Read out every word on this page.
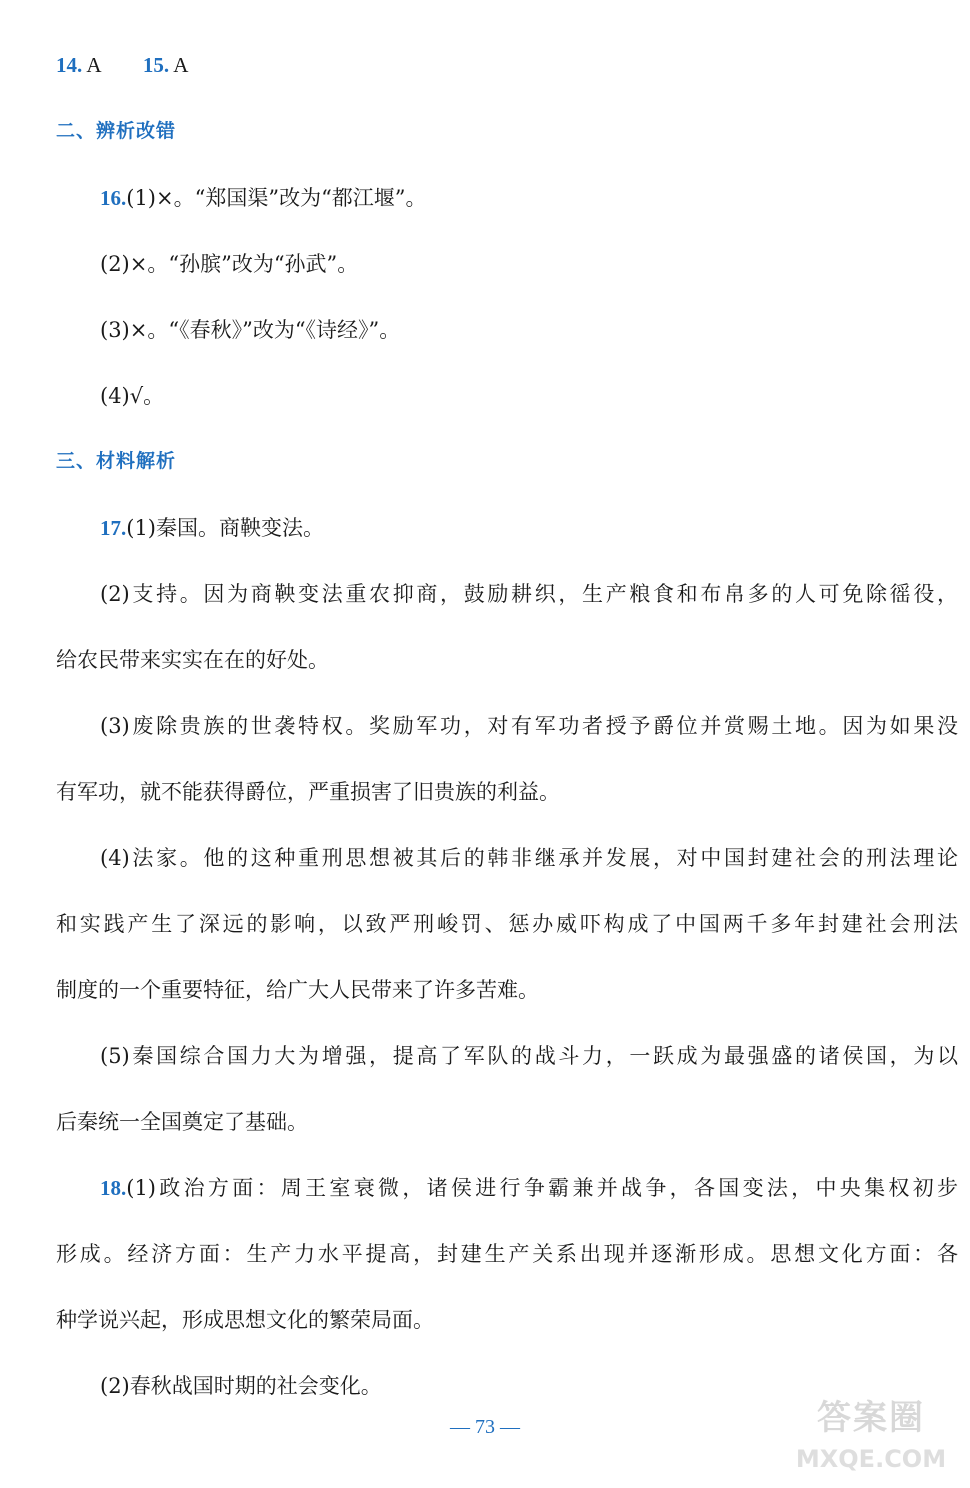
14. A 15. A
二、辨析改错
16.(1)×。“郑国渠”改为“都江堰”。
(2)×。“孙膑”改为“孙武”。
(3)×。“《春秋》”改为“《诗经》”。
(4)√。
三、材料解析
17.(1)秦国。商鞅变法。
(2)支持。因为商鞅变法重农抑商，鼓励耕织，生产粮食和布帛多的人可免除徭役，
给农民带来实实在在的好处。
(3)废除贵族的世袭特权。奖励军功，对有军功者授予爵位并赏赐土地。因为如果没
有军功，就不能获得爵位，严重损害了旧贵族的利益。
(4)法家。他的这种重刑思想被其后的韩非继承并发展，对中国封建社会的刑法理论
和实践产生了深远的影响，以致严刑峻罚、惩办威吓构成了中国两千多年封建社会刑法
制度的一个重要特征，给广大人民带来了许多苦难。
(5)秦国综合国力大为增强，提高了军队的战斗力，一跃成为最强盛的诸侯国，为以
后秦统一全国奠定了基础。
18.(1)政治方面：周王室衰微，诸侯进行争霸兼并战争，各国变法，中央集权初步
形成。经济方面：生产力水平提高，封建生产关系出现并逐渐形成。思想文化方面：各
种学说兴起，形成思想文化的繁荣局面。
(2)春秋战国时期的社会变化。
— 73 —	答案圈
MXQE.COM
